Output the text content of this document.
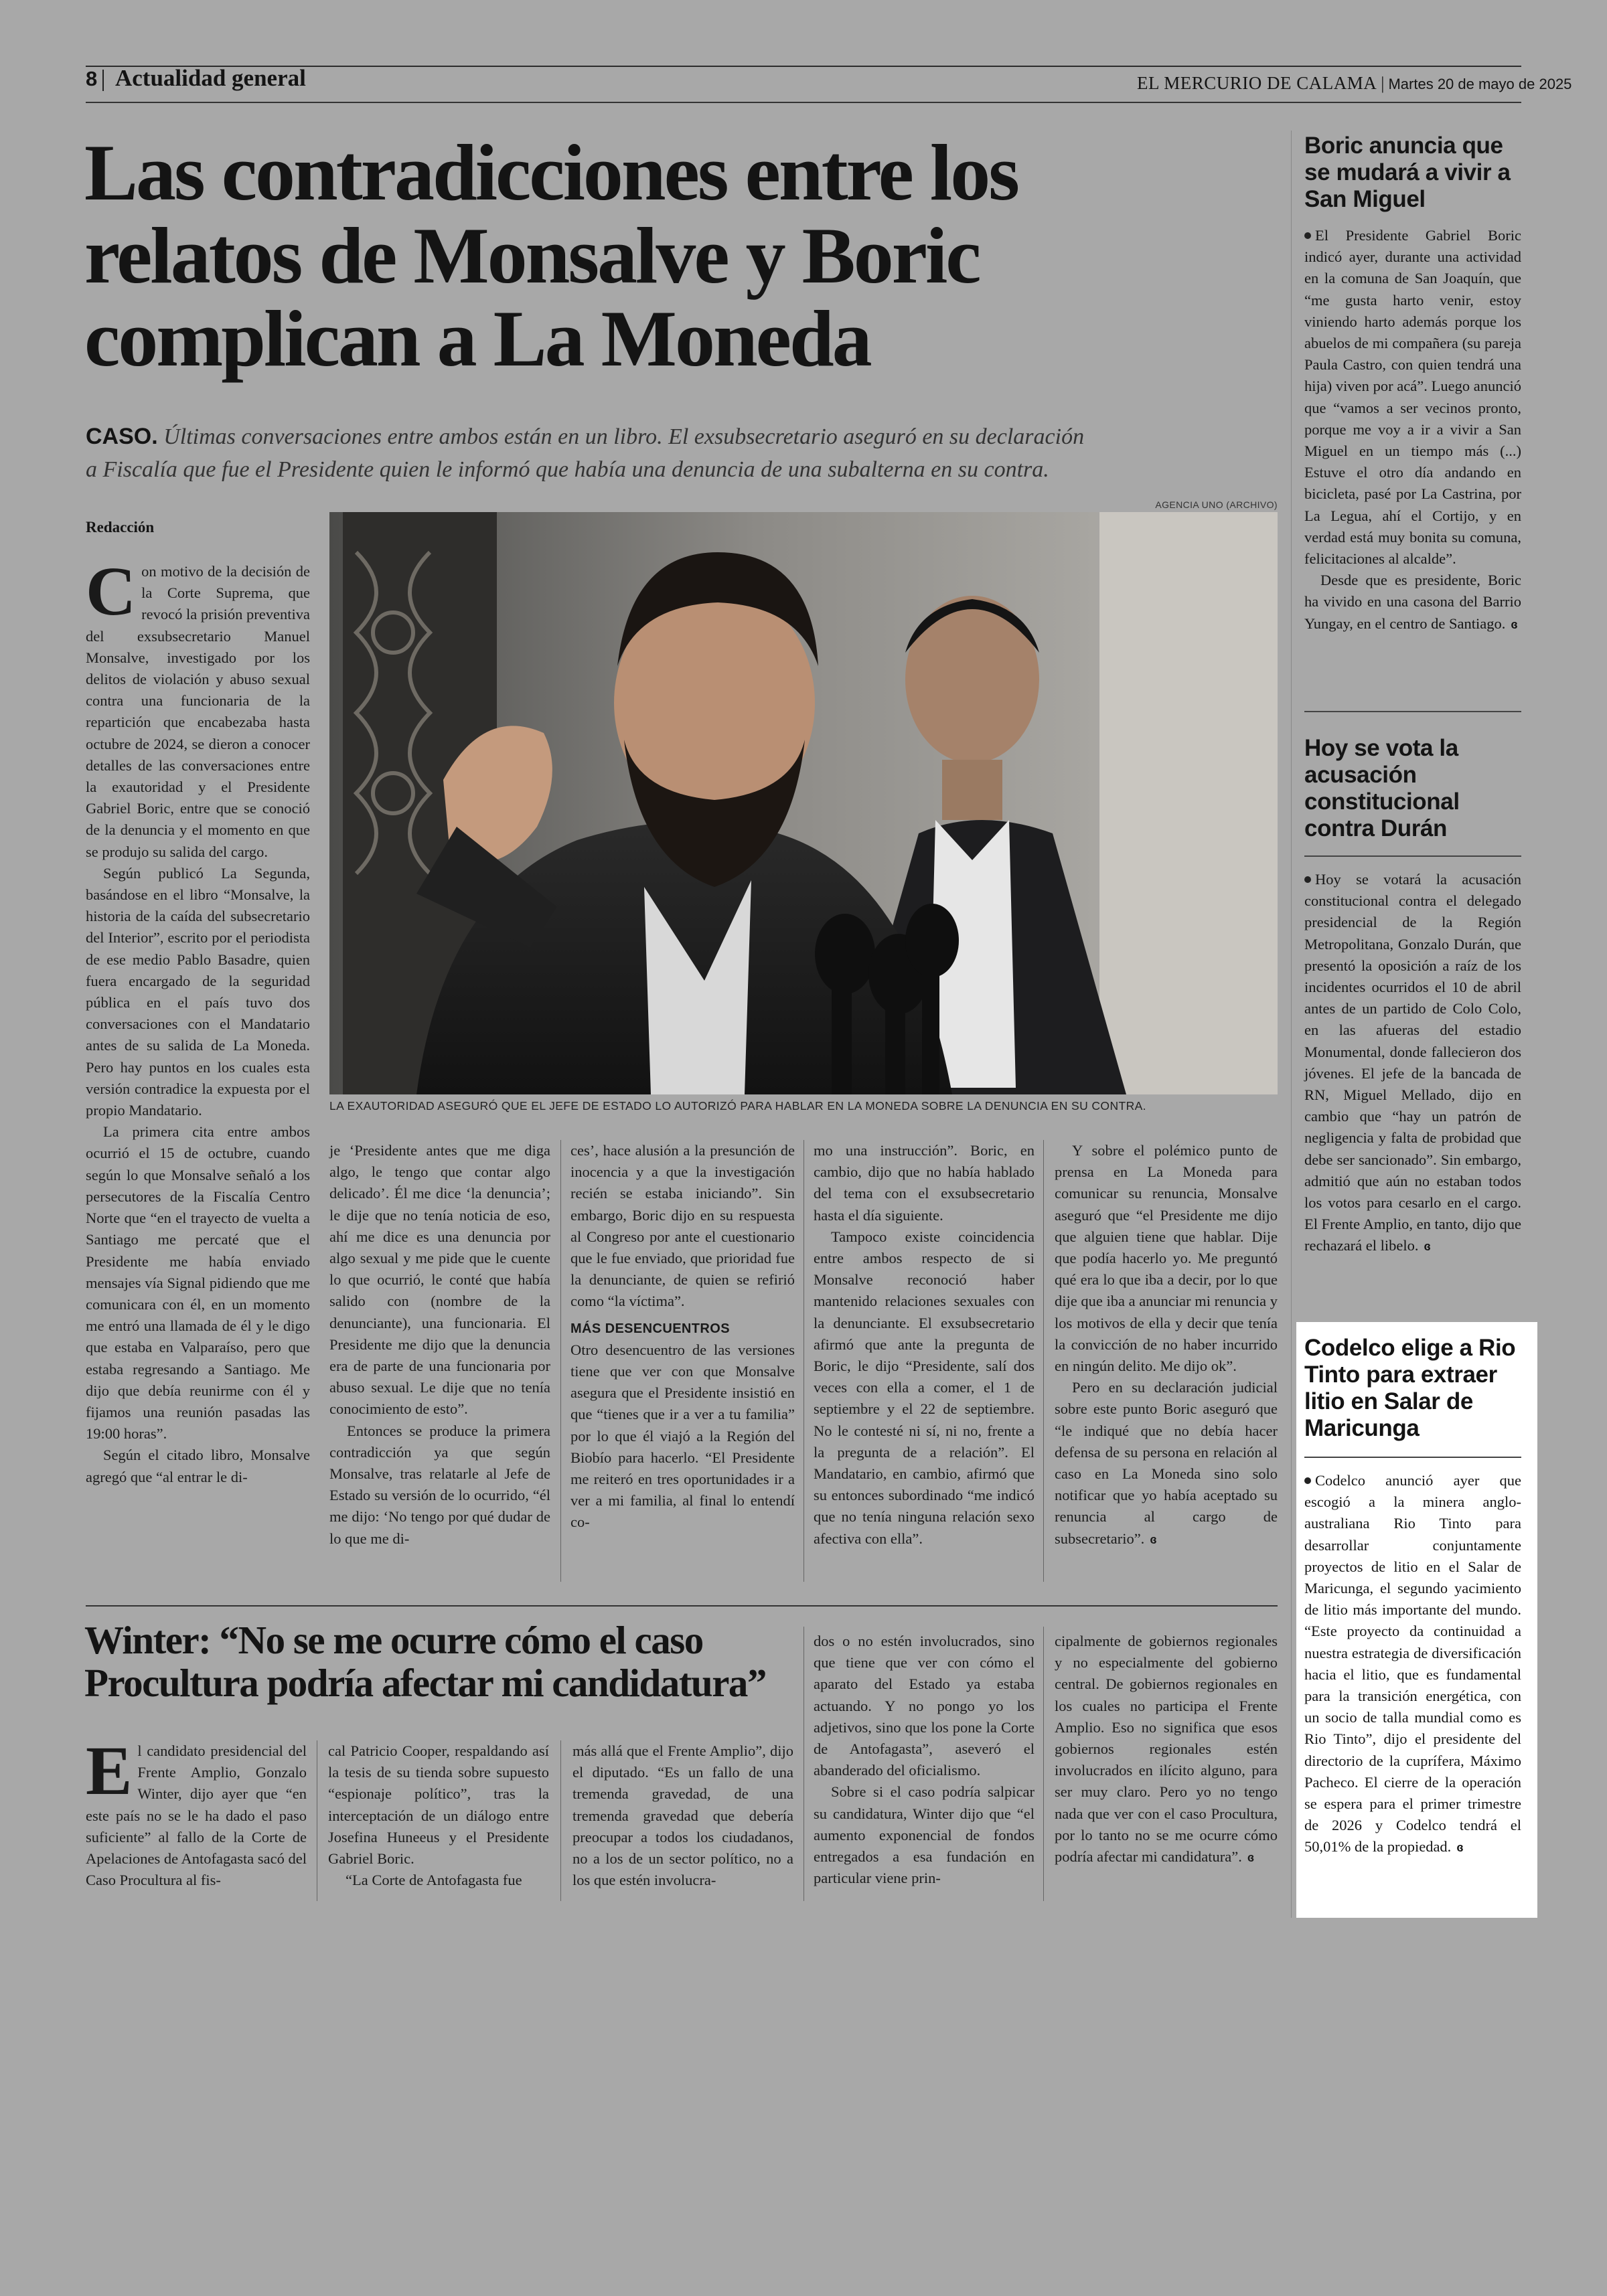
8 Actualidad general	EL MERCURIO DE CALAMA | Martes 20 de mayo de 2025
Las contradicciones entre los
relatos de Monsalve y Boric
complican a La Moneda
CASO. Últimas conversaciones entre ambos están en un libro. El exsubsecretario aseguró en su declaración
a Fiscalía que fue el Presidente quien le informó que había una denuncia de una subalterna en su contra.
Redacción
AGENCIA UNO (ARCHIVO)
LA EXAUTORIDAD ASEGURÓ QUE EL JEFE DE ESTADO LO AUTORIZÓ PARA HABLAR EN LA MONEDA SOBRE LA DENUNCIA EN SU CONTRA.

Con motivo de la decisión de la Corte Suprema, que revocó la prisión preventiva del exsubsecretario Manuel Monsalve, investigado por los delitos de violación y abuso sexual contra una funcionaria de la repartición que encabezaba hasta octubre de 2024, se dieron a conocer detalles de las conversaciones entre la exautoridad y el Presidente Gabriel Boric, entre que se conoció de la denuncia y el momento en que se produjo su salida del cargo.

Según publicó La Segunda, basándose en el libro “Monsalve, la historia de la caída del subsecretario del Interior”, escrito por el periodista de ese medio Pablo Basadre, quien fuera encargado de la seguridad pública en el país tuvo dos conversaciones con el Mandatario antes de su salida de La Moneda. Pero hay puntos en los cuales esta versión contradice la expuesta por el propio Mandatario.

La primera cita entre ambos ocurrió el 15 de octubre, cuando según lo que Monsalve señaló a los persecutores de la Fiscalía Centro Norte que “en el trayecto de vuelta a Santiago me percaté que el Presidente me había enviado mensajes vía Signal pidiendo que me comunicara con él, en un momento me entró una llamada de él y le digo que estaba en Valparaíso, pero que estaba regresando a Santiago. Me dijo que debía reunirme con él y fijamos una reunión pasadas las 19:00 horas”.

Según el citado libro, Monsalve agregó que “al entrar le di-

je ‘Presidente antes que me diga algo, le tengo que contar algo delicado’. Él me dice ‘la denuncia’; le dije que no tenía noticia de eso, ahí me dice es una denuncia por algo sexual y me pide que le cuente lo que ocurrió, le conté que había salido con (nombre de la denunciante), una funcionaria. El Presidente me dijo que la denuncia era de parte de una funcionaria por abuso sexual. Le dije que no tenía conocimiento de esto”.

Entonces se produce la primera contradicción ya que según Monsalve, tras relatarle al Jefe de Estado su versión de lo ocurrido, “él me dijo: ‘No tengo por qué dudar de lo que me di-

ces’, hace alusión a la presunción de inocencia y a que la investigación recién se estaba iniciando”. Sin embargo, Boric dijo en su respuesta al Congreso por ante el cuestionario que le fue enviado, que prioridad fue la denunciante, de quien se refirió como “la víctima”.

MÁS DESENCUENTROS

Otro desencuentro de las versiones tiene que ver con que Monsalve asegura que el Presidente insistió en que “tienes que ir a ver a tu familia” por lo que él viajó a la Región del Biobío para hacerlo. “El Presidente me reiteró en tres oportunidades ir a ver a mi familia, al final lo entendí co-

mo una instrucción”. Boric, en cambio, dijo que no había hablado del tema con el exsubsecretario hasta el día siguiente.

Tampoco existe coincidencia entre ambos respecto de si Monsalve reconoció haber mantenido relaciones sexuales con la denunciante. El exsubsecretario afirmó que ante la pregunta de Boric, le dijo “Presidente, salí dos veces con ella a comer, el 1 de septiembre y el 22 de septiembre. No le contesté ni sí, ni no, frente a la pregunta de a relación”. El Mandatario, en cambio, afirmó que su entonces subordinado “me indicó que no tenía ninguna relación sexo afectiva con ella”.

Y sobre el polémico punto de prensa en La Moneda para comunicar su renuncia, Monsalve aseguró que “el Presidente me dijo que alguien tiene que hablar. Dije que podía hacerlo yo. Me preguntó qué era lo que iba a decir, por lo que dije que iba a anunciar mi renuncia y los motivos de ella y decir que tenía la convicción de no haber incurrido en ningún delito. Me dijo ok”.

Pero en su declaración judicial sobre este punto Boric aseguró que “le indiqué que no debía hacer defensa de su persona en relación al caso en La Moneda sino solo notificar que yo había aceptado su renuncia al cargo de subsecretario”. ɞ

Boric anuncia que
se mudará a vivir a
San Miguel

El Presidente Gabriel Boric indicó ayer, durante una actividad en la comuna de San Joaquín, que “me gusta harto venir, estoy viniendo harto además porque los abuelos de mi compañera (su pareja Paula Castro, con quien tendrá una hija) viven por acá”. Luego anunció que “vamos a ser vecinos pronto, porque me voy a ir a vivir a San Miguel en un tiempo más (...) Estuve el otro día andando en bicicleta, pasé por La Castrina, por La Legua, ahí el Cortijo, y en verdad está muy bonita su comuna, felicitaciones al alcalde”.

Desde que es presidente, Boric ha vivido en una casona del Barrio Yungay, en el centro de Santiago. ɞ

Hoy se vota la
acusación
constitucional
contra Durán

Hoy se votará la acusación constitucional contra el delegado presidencial de la Región Metropolitana, Gonzalo Durán, que presentó la oposición a raíz de los incidentes ocurridos el 10 de abril antes de un partido de Colo Colo, en las afueras del estadio Monumental, donde fallecieron dos jóvenes. El jefe de la bancada de RN, Miguel Mellado, dijo en cambio que “hay un patrón de negligencia y falta de probidad que debe ser sancionado”. Sin embargo, admitió que aún no estaban todos los votos para cesarlo en el cargo. El Frente Amplio, en tanto, dijo que rechazará el libelo. ɞ

Codelco elige a Rio
Tinto para extraer
litio en Salar de
Maricunga

Codelco anunció ayer que escogió a la minera anglo-australiana Rio Tinto para desarrollar conjuntamente proyectos de litio en el Salar de Maricunga, el segundo yacimiento de litio más importante del mundo. “Este proyecto da continuidad a nuestra estrategia de diversificación hacia el litio, que es fundamental para la transición energética, con un socio de talla mundial como es Rio Tinto”, dijo el presidente del directorio de la cuprífera, Máximo Pacheco. El cierre de la operación se espera para el primer trimestre de 2026 y Codelco tendrá el 50,01% de la propiedad. ɞ

Winter: “No se me ocurre cómo el caso
Procultura podría afectar mi candidatura”

El candidato presidencial del Frente Amplio, Gonzalo Winter, dijo ayer que “en este país no se le ha dado el paso suficiente” al fallo de la Corte de Apelaciones de Antofagasta sacó del Caso Procultura al fis-

cal Patricio Cooper, respaldando así la tesis de su tienda sobre supuesto “espionaje político”, tras la interceptación de un diálogo entre Josefina Huneeus y el Presidente Gabriel Boric.

“La Corte de Antofagasta fue

más allá que el Frente Amplio”, dijo el diputado. “Es un fallo de una tremenda gravedad, de una tremenda gravedad que debería preocupar a todos los ciudadanos, no a los de un sector político, no a los que estén involucra-

dos o no estén involucrados, sino que tiene que ver con cómo el aparato del Estado ya estaba actuando. Y no pongo yo los adjetivos, sino que los pone la Corte de Antofagasta”, aseveró el abanderado del oficialismo.

Sobre si el caso podría salpicar su candidatura, Winter dijo que “el aumento exponencial de fondos entregados a esa fundación en particular viene prin-

cipalmente de gobiernos regionales y no especialmente del gobierno central. De gobiernos regionales en los cuales no participa el Frente Amplio. Eso no significa que esos gobiernos regionales estén involucrados en ilícito alguno, para ser muy claro. Pero yo no tengo nada que ver con el caso Procultura, por lo tanto no se me ocurre cómo podría afectar mi candidatura”. ɞ
